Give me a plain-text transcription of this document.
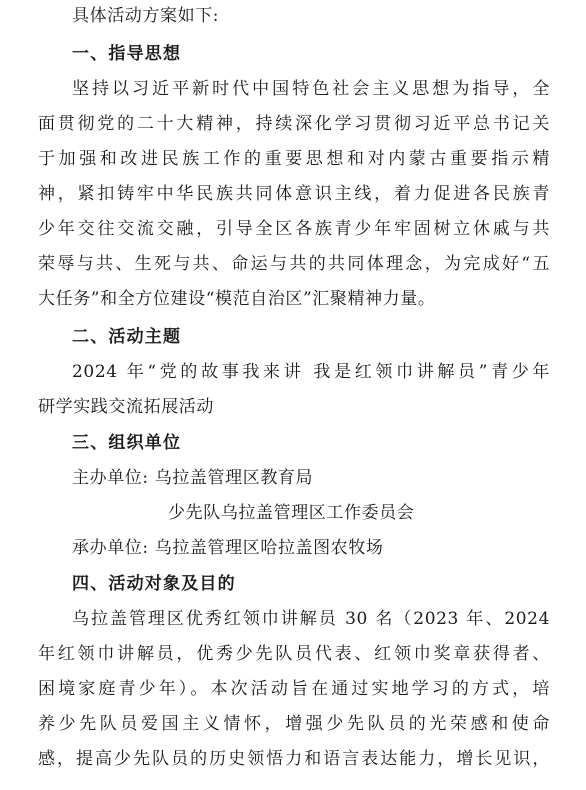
具体活动方案如下:
一、指导思想
坚持以习近平新时代中国特色社会主义思想为指导，全
面贯彻党的二十大精神，持续深化学习贯彻习近平总书记关
于加强和改进民族工作的重要思想和对内蒙古重要指示精
神，紧扣铸牢中华民族共同体意识主线，着力促进各民族青
少年交往交流交融，引导全区各族青少年牢固树立休戚与共
荣辱与共、生死与共、命运与共的共同体理念，为完成好“五
大任务”和全方位建设“模范自治区”汇聚精神力量。
二、活动主题
2024 年“党的故事我来讲 我是红领巾讲解员”青少年
研学实践交流拓展活动
三、组织单位
主办单位: 乌拉盖管理区教育局
少先队乌拉盖管理区工作委员会
承办单位: 乌拉盖管理区哈拉盖图农牧场
四、活动对象及目的
乌拉盖管理区优秀红领巾讲解员 30 名（2023 年、2024
年红领巾讲解员，优秀少先队员代表、红领巾奖章获得者、
困境家庭青少年）。本次活动旨在通过实地学习的方式，培
养少先队员爱国主义情怀，增强少先队员的光荣感和使命
感，提高少先队员的历史领悟力和语言表达能力，增长见识，
